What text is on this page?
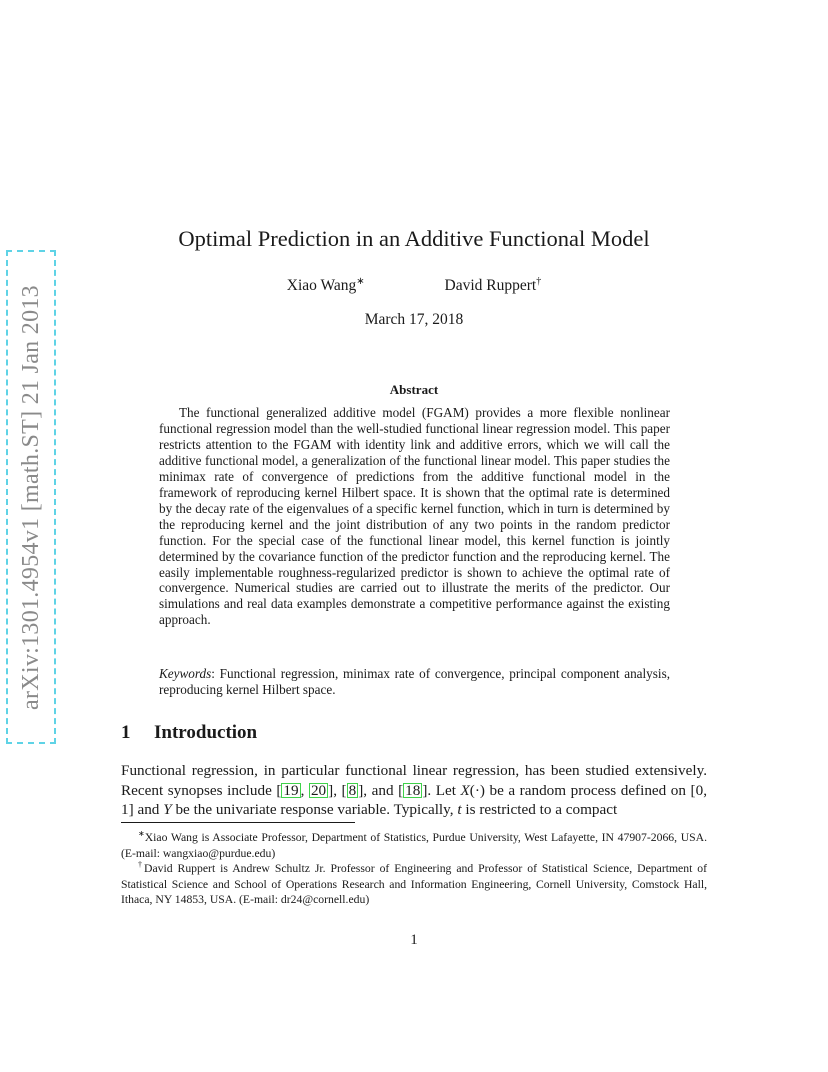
arXiv:1301.4954v1 [math.ST] 21 Jan 2013
Optimal Prediction in an Additive Functional Model
Xiao Wang∗	David Ruppert†
March 17, 2018
Abstract

The functional generalized additive model (FGAM) provides a more flexible nonlinear functional regression model than the well-studied functional linear regression model. This paper restricts attention to the FGAM with identity link and additive errors, which we will call the additive functional model, a generalization of the functional linear model. This paper studies the minimax rate of convergence of predictions from the additive functional model in the framework of reproducing kernel Hilbert space. It is shown that the optimal rate is determined by the decay rate of the eigenvalues of a specific kernel function, which in turn is determined by the reproducing kernel and the joint distribution of any two points in the random predictor function. For the special case of the functional linear model, this kernel function is jointly determined by the covariance function of the predictor function and the reproducing kernel. The easily implementable roughness-regularized predictor is shown to achieve the optimal rate of convergence. Numerical studies are carried out to illustrate the merits of the predictor. Our simulations and real data examples demonstrate a competitive performance against the existing approach.

Keywords: Functional regression, minimax rate of convergence, principal component analysis, reproducing kernel Hilbert space.

1 Introduction

Functional regression, in particular functional linear regression, has been studied extensively. Recent synopses include [ 19 , 20 ], [ 8 ], and [ 18 ]. Let X(·) be a random process defined on [0, 1] and Y be the univariate response variable. Typically, t is restricted to a compact

∗Xiao Wang is Associate Professor, Department of Statistics, Purdue University, West Lafayette, IN 47907-2066, USA. (E-mail: wangxiao@purdue.edu)

†David Ruppert is Andrew Schultz Jr. Professor of Engineering and Professor of Statistical Science, Department of Statistical Science and School of Operations Research and Information Engineering, Cornell University, Comstock Hall, Ithaca, NY 14853, USA. (E-mail: dr24@cornell.edu)

1
